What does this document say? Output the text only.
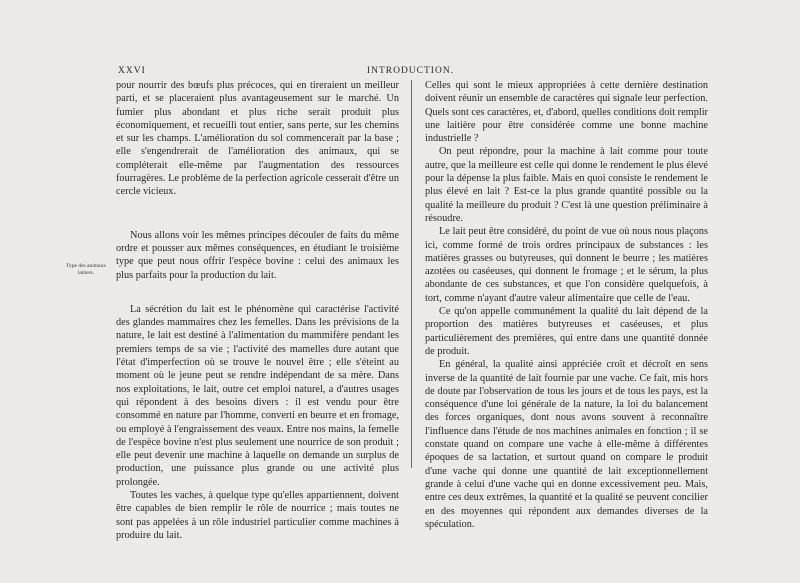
XXVI	INTRODUCTION.
Type des animaux laitiers.

pour nourrir des bœufs plus précoces, qui en tireraient un meilleur parti, et se placeraient plus avantageusement sur le marché. Un fumier plus abondant et plus riche serait produit plus économiquement, et recueilli tout entier, sans perte, sur les chemins et sur les champs. L'amélioration du sol commencerait par la base ; elle s'engendrerait de l'amélioration des animaux, qui se compléterait elle-même par l'augmentation des ressources fourragères. Le problème de la perfection agricole cesserait d'être un cercle vicieux.

Nous allons voir les mêmes principes découler de faits du même ordre et pousser aux mêmes conséquences, en étudiant le troisième type que peut nous offrir l'espèce bovine : celui des animaux les plus parfaits pour la production du lait.

La sécrétion du lait est le phénomène qui caractérise l'activité des glandes mammaires chez les femelles. Dans les prévisions de la nature, le lait est destiné à l'alimentation du mammifère pendant les premiers temps de sa vie ; l'activité des mamelles dure autant que l'état d'imperfection où se trouve le nouvel être ; elle s'éteint au moment où le jeune peut se rendre indépendant de sa mère. Dans nos exploitations, le lait, outre cet emploi naturel, a d'autres usages qui répondent à des besoins divers : il est vendu pour être consommé en nature par l'homme, converti en beurre et en fromage, ou employé à l'engraissement des veaux. Entre nos mains, la femelle de l'espèce bovine n'est plus seulement une nourrice de son produit ; elle peut devenir une machine à laquelle on demande un surplus de production, une puissance plus grande ou une activité plus prolongée.

Toutes les vaches, à quelque type qu'elles appartiennent, doivent être capables de bien remplir le rôle de nourrice ; mais toutes ne sont pas appelées à un rôle industriel particulier comme machines à produire du lait.

Celles qui sont le mieux appropriées à cette dernière destination doivent réunir un ensemble de caractères qui signale leur perfection. Quels sont ces caractères, et, d'abord, quelles conditions doit remplir une laitière pour être considérée comme une bonne machine industrielle ?

On peut répondre, pour la machine à lait comme pour toute autre, que la meilleure est celle qui donne le rendement le plus élevé pour la dépense la plus faible. Mais en quoi consiste le rendement le plus élevé en lait ? Est-ce la plus grande quantité possible ou la qualité la meilleure du produit ? C'est là une question préliminaire à résoudre.

Le lait peut être considéré, du point de vue où nous nous plaçons ici, comme formé de trois ordres principaux de substances : les matières grasses ou butyreuses, qui donnent le beurre ; les matières azotées ou caséeuses, qui donnent le fromage ; et le sérum, la plus abondante de ces substances, et que l'on considère quelquefois, à tort, comme n'ayant d'autre valeur alimentaire que celle de l'eau.

Ce qu'on appelle communément la qualité du lait dépend de la proportion des matières butyreuses et caséeuses, et plus particulièrement des premières, qui entre dans une quantité donnée de produit.

En général, la qualité ainsi appréciée croît et décroît en sens inverse de la quantité de lait fournie par une vache. Ce fait, mis hors de doute par l'observation de tous les jours et de tous les pays, est la conséquence d'une loi générale de la nature, la loi du balancement des forces organiques, dont nous avons souvent à reconnaître l'influence dans l'étude de nos machines animales en fonction ; il se constate quand on compare une vache à elle-même à différentes époques de sa lactation, et surtout quand on compare le produit d'une vache qui donne une quantité de lait exceptionnellement grande à celui d'une vache qui en donne excessivement peu. Mais, entre ces deux extrêmes, la quantité et la qualité se peuvent concilier en des moyennes qui répondent aux demandes diverses de la spéculation.
